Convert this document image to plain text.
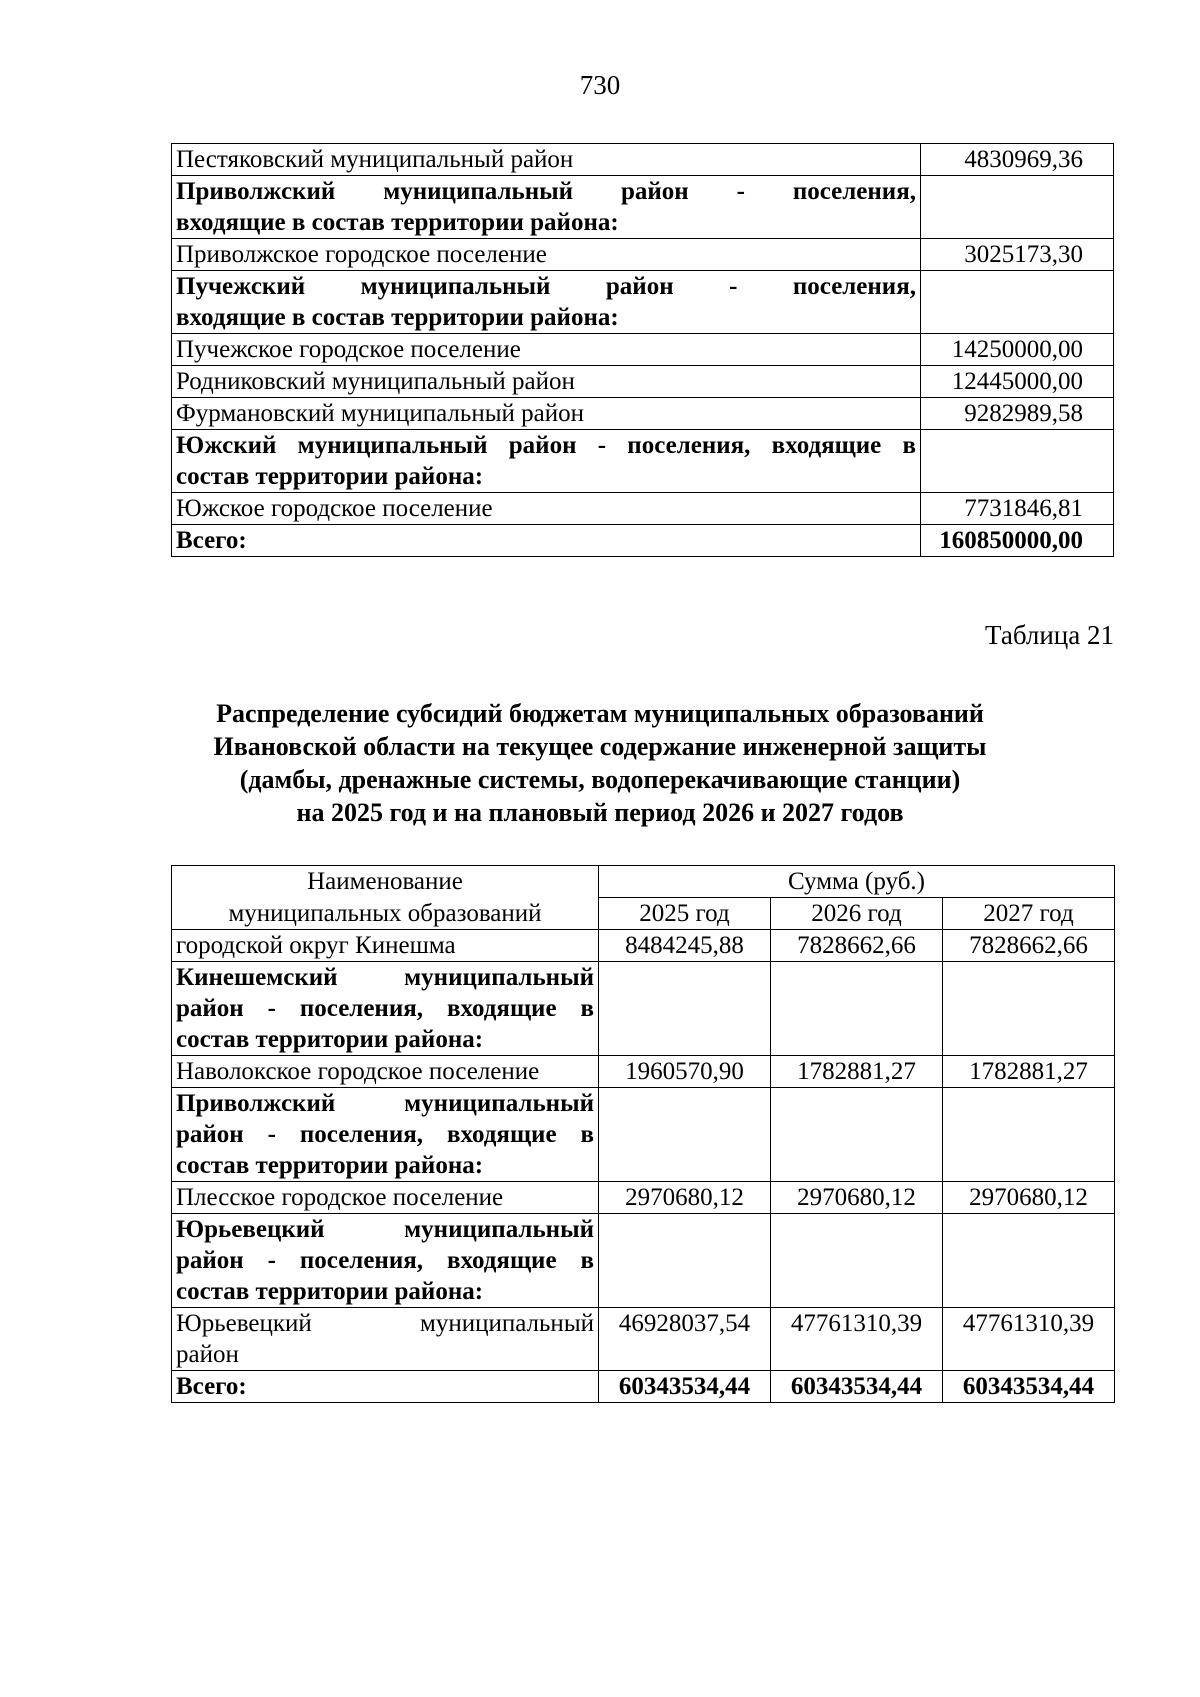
730
Пестяковский муниципальный район	4830969,36

Приволжский муниципальный район - поселения,
входящие в состав территории района:	

Приволжское городское поселение	3025173,30

Пучежский муниципальный район - поселения,
входящие в состав территории района:	

Пучежское городское поселение	14250000,00
Родниковский муниципальный район	12445000,00
Фурмановский муниципальный район	9282989,58

Южский муниципальный район - поселения, входящие в
состав территории района:	

Южское городское поселение	7731846,81
Всего:	160850000,00
Таблица 21
Распределение субсидий бюджетам муниципальных образований
Ивановской области на текущее содержание инженерной защиты
(дамбы, дренажные системы, водоперекачивающие станции)
на 2025 год и на плановый период 2026 и 2027 годов
Наименование	Сумма (руб.)		
муниципальных образований	2025 год	2026 год	2027 год
городской округ Кинешма	8484245,88	7828662,66	7828662,66

Кинешемский муниципальный
район - поселения, входящие в
состав территории района:			

Наволокское городское поселение	1960570,90	1782881,27	1782881,27

Приволжский муниципальный
район - поселения, входящие в
состав территории района:			

Плесское городское поселение	2970680,12	2970680,12	2970680,12

Юрьевецкий муниципальный
район - поселения, входящие в
состав территории района:			

Юрьевецкий муниципальный
район	46928037,54	47761310,39	47761310,39
Всего:	60343534,44	60343534,44	60343534,44
